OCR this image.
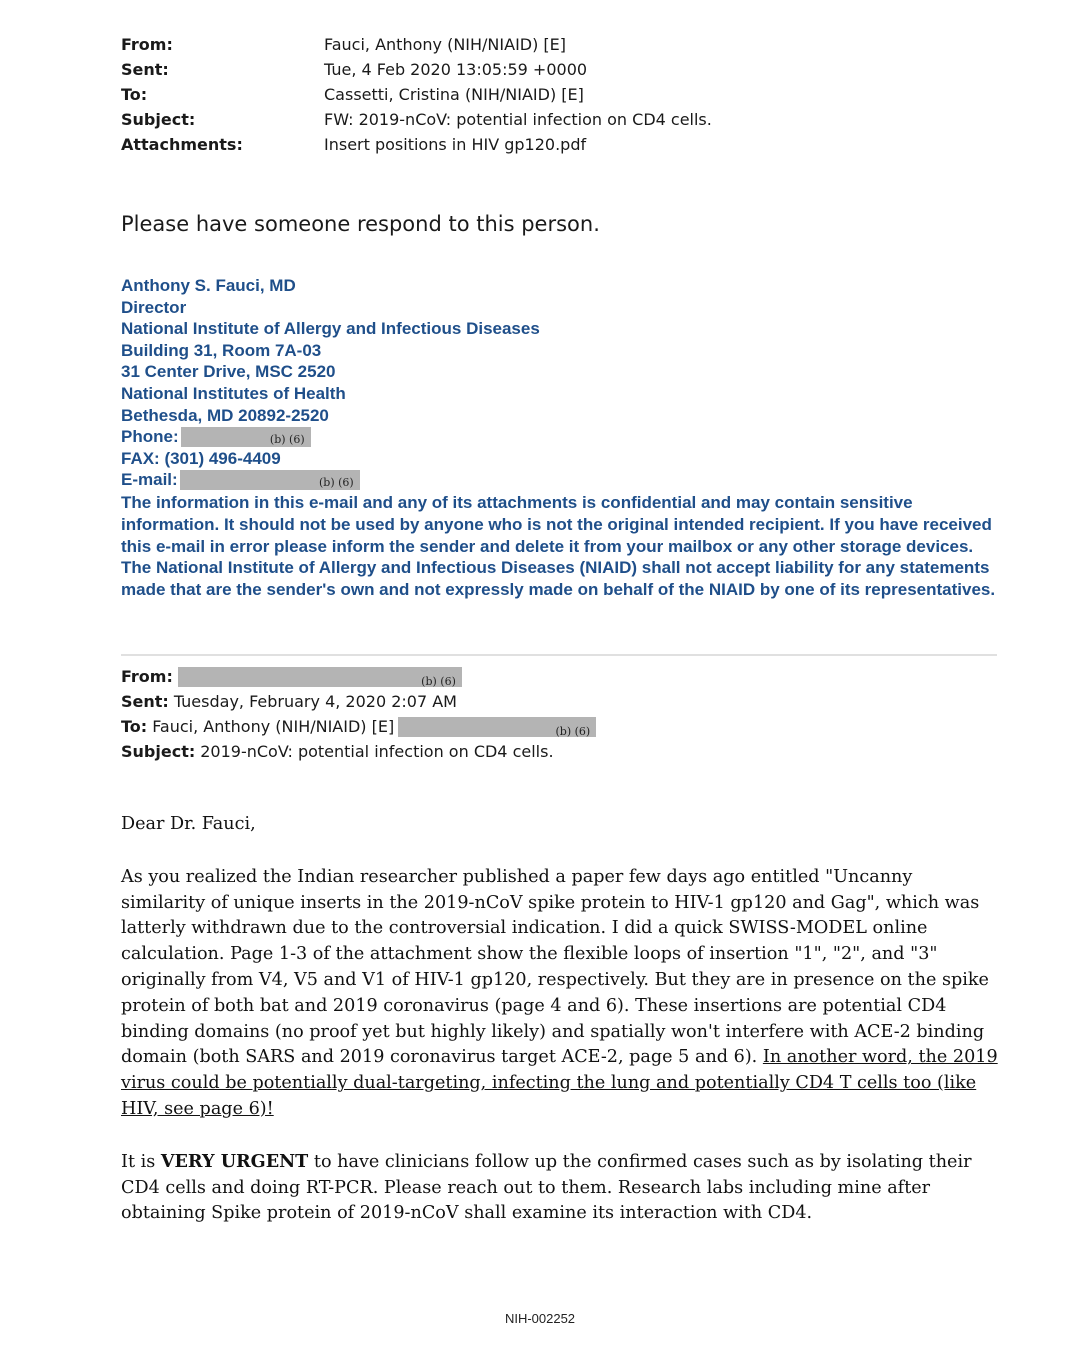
From:	Fauci, Anthony (NIH/NIAID) [E]
Sent:	Tue, 4 Feb 2020 13:05:59 +0000
To:	Cassetti, Cristina (NIH/NIAID) [E]
Subject:	FW: 2019-nCoV: potential infection on CD4 cells.
Attachments:	Insert positions in HIV gp120.pdf
Please have someone respond to this person.
Anthony S. Fauci, MD
Director
National Institute of Allergy and Infectious Diseases
Building 31, Room 7A-03
31 Center Drive, MSC 2520
National Institutes of Health
Bethesda, MD 20892-2520
Phone:	(b) (6)
FAX: (301) 496-4409
E-mail:	(b) (6)
The information in this e-mail and any of its attachments is confidential and may contain sensitive information. It should not be used by anyone who is not the original intended recipient. If you have received this e-mail in error please inform the sender and delete it from your mailbox or any other storage devices. The National Institute of Allergy and Infectious Diseases (NIAID) shall not accept liability for any statements made that are the sender's own and not expressly made on behalf of the NIAID by one of its representatives.
From:	(b) (6)
Sent: Tuesday, February 4, 2020 2:07 AM
To: Fauci, Anthony (NIH/NIAID) [E]	(b) (6)
Subject: 2019-nCoV: potential infection on CD4 cells.

Dear Dr. Fauci,

As you realized the Indian researcher published a paper few days ago entitled "Uncanny similarity of unique inserts in the 2019-nCoV spike protein to HIV-1 gp120 and Gag", which was latterly withdrawn due to the controversial indication. I did a quick SWISS-MODEL online calculation. Page 1-3 of the attachment show the flexible loops of insertion "1", "2", and "3" originally from V4, V5 and V1 of HIV-1 gp120, respectively. But they are in presence on the spike protein of both bat and 2019 coronavirus (page 4 and 6). These insertions are potential CD4 binding domains (no proof yet but highly likely) and spatially won't interfere with ACE-2 binding domain (both SARS and 2019 coronavirus target ACE-2, page 5 and 6). In another word, the 2019 virus could be potentially dual-targeting, infecting the lung and potentially CD4 T cells too (like HIV, see page 6)!

It is VERY URGENT to have clinicians follow up the confirmed cases such as by isolating their CD4 cells and doing RT-PCR. Please reach out to them. Research labs including mine after obtaining Spike protein of 2019-nCoV shall examine its interaction with CD4.

NIH-002252
